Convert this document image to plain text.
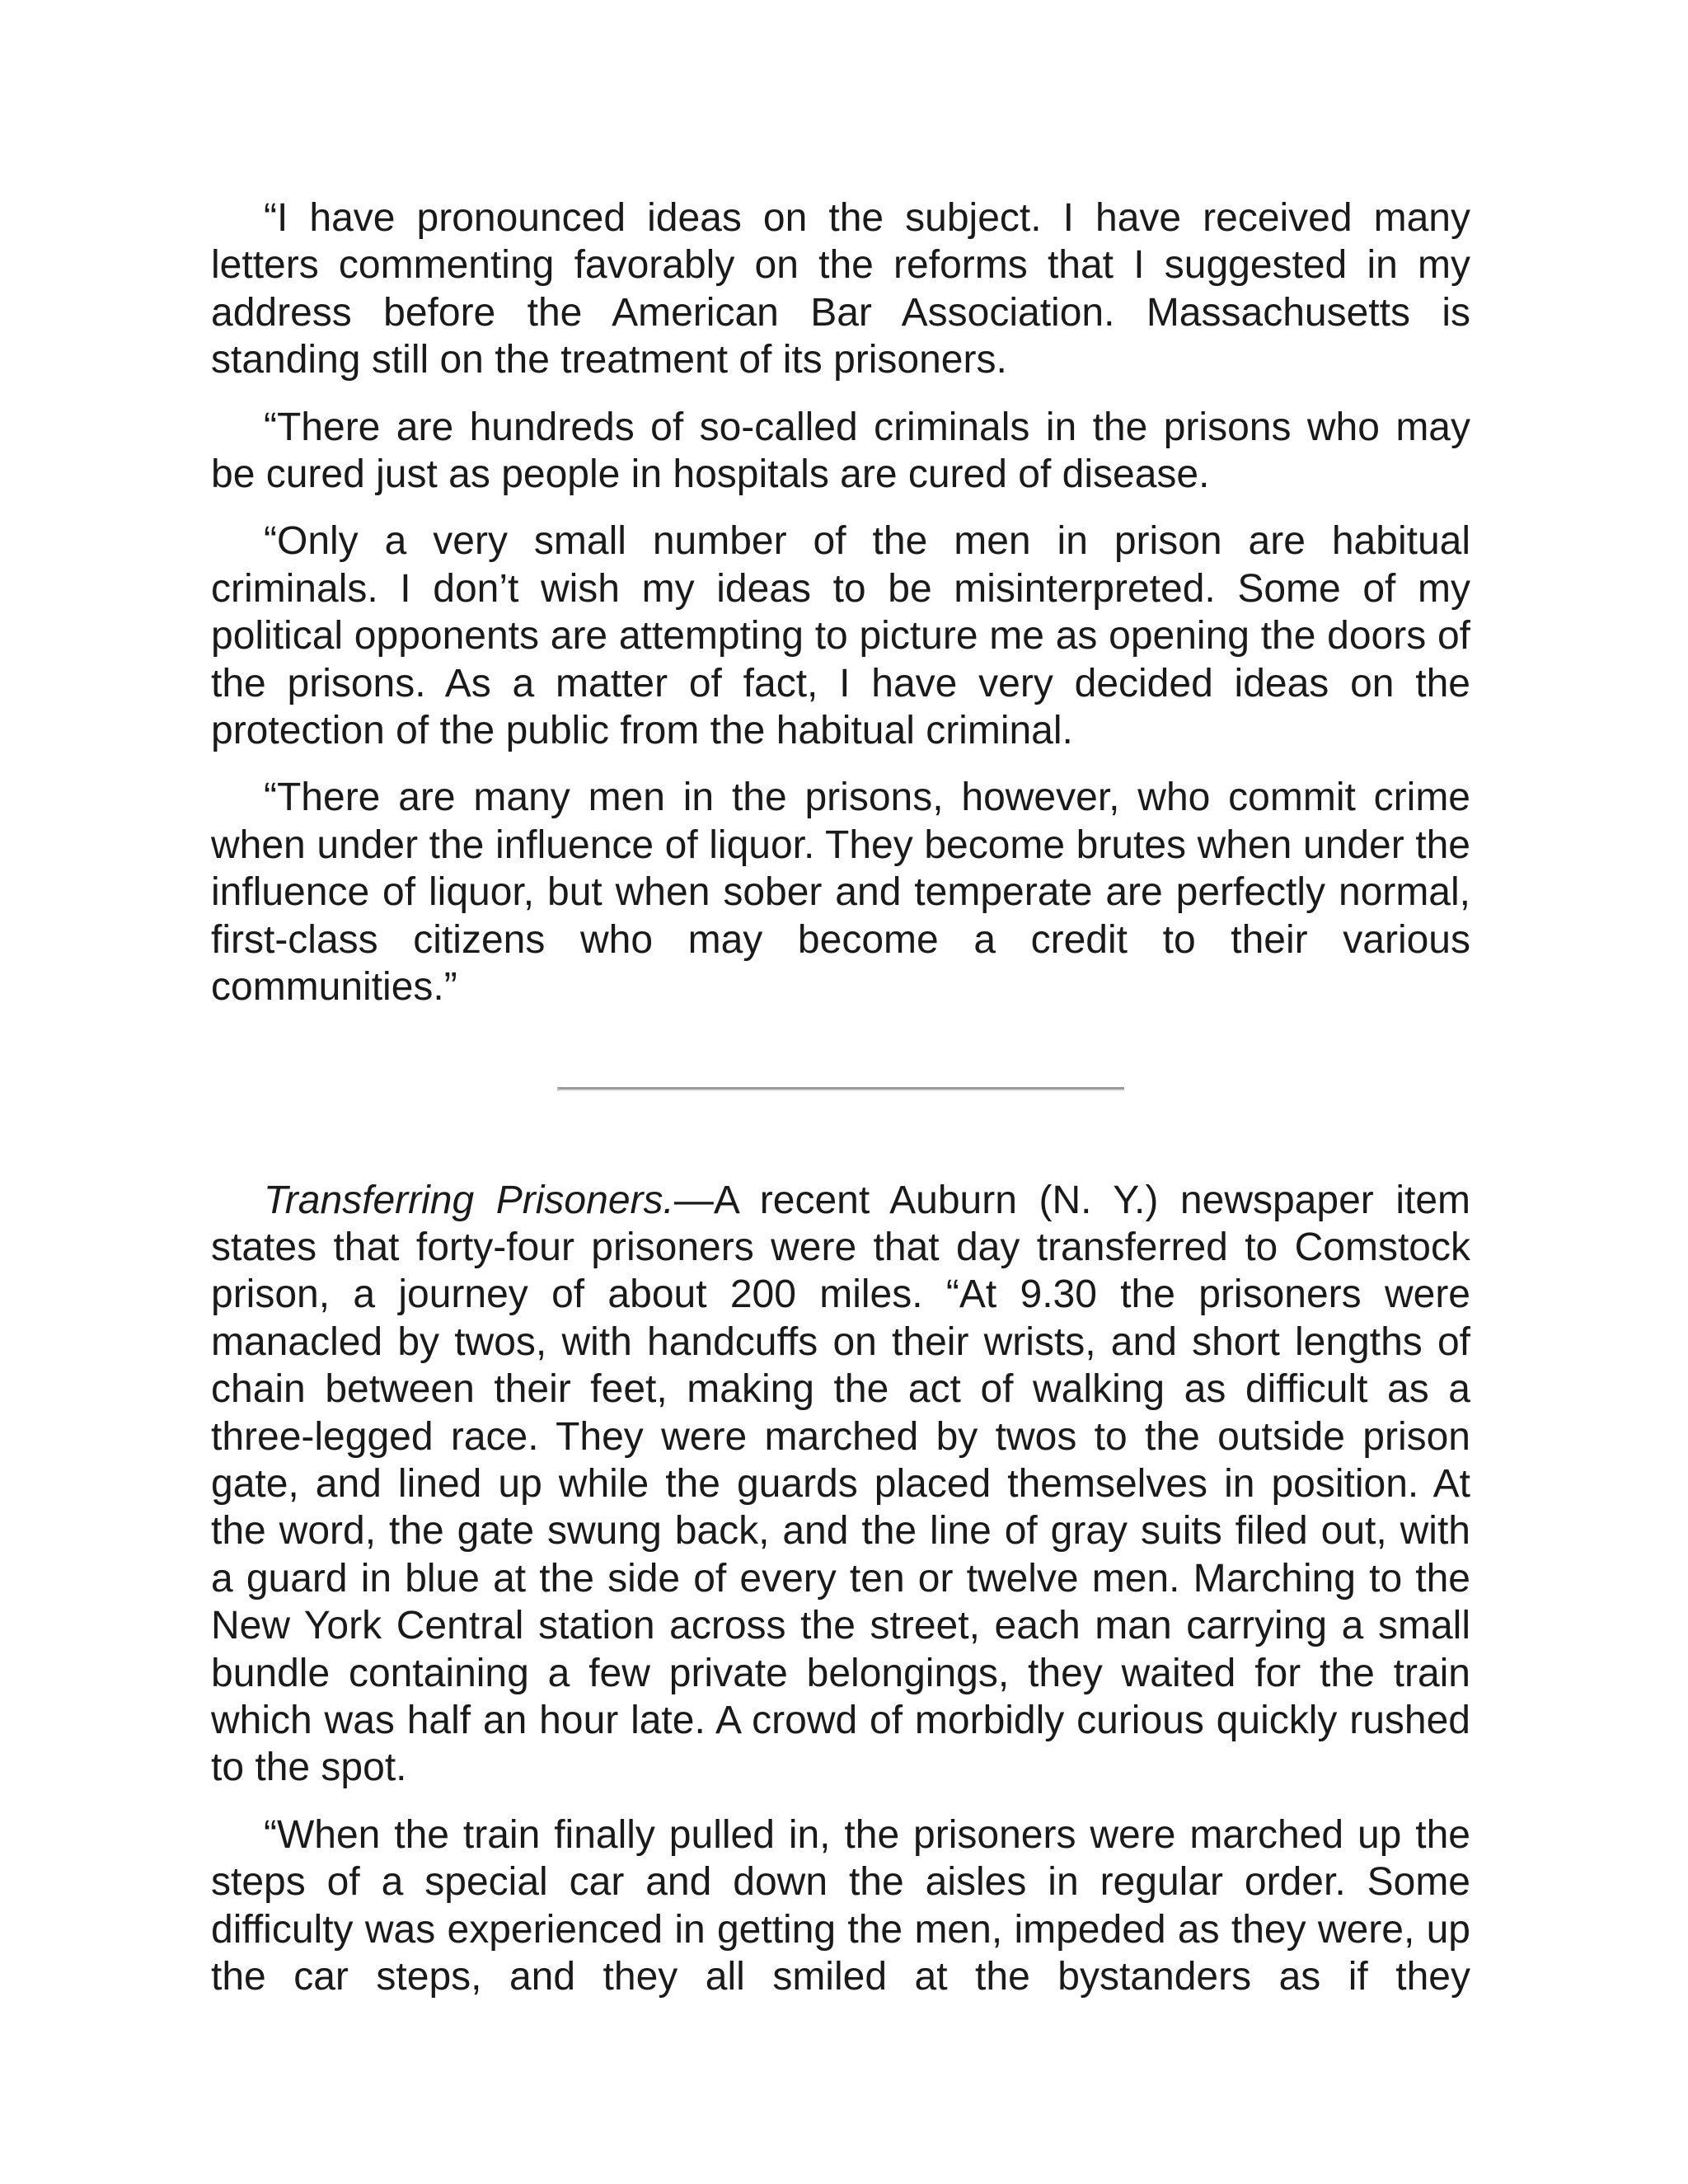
“I have pronounced ideas on the subject. I have received many letters commenting favorably on the reforms that I suggested in my address before the American Bar Association. Massachusetts is standing still on the treatment of its prisoners.

“There are hundreds of so-called criminals in the prisons who may be cured just as people in hospitals are cured of disease.

“Only a very small number of the men in prison are habitual criminals. I don’t wish my ideas to be misinterpreted. Some of my political opponents are attempting to picture me as opening the doors of the prisons. As a matter of fact, I have very decided ideas on the protection of the public from the habitual criminal.

“There are many men in the prisons, however, who commit crime when under the influence of liquor. They become brutes when under the influence of liquor, but when sober and temperate are perfectly normal, first-class citizens who may become a credit to their various communities.”

Transferring Prisoners.—A recent Auburn (N. Y.) newspaper item states that forty-four prisoners were that day transferred to Comstock prison, a journey of about 200 miles. “At 9.30 the prisoners were manacled by twos, with handcuffs on their wrists, and short lengths of chain between their feet, making the act of walking as difficult as a three-legged race. They were marched by twos to the outside prison gate, and lined up while the guards placed themselves in position. At the word, the gate swung back, and the line of gray suits filed out, with a guard in blue at the side of every ten or twelve men. Marching to the New York Central station across the street, each man carrying a small bundle containing a few private belongings, they waited for the train which was half an hour late. A crowd of morbidly curious quickly rushed to the spot.

“When the train finally pulled in, the prisoners were marched up the steps of a special car and down the aisles in regular order. Some difficulty was experienced in getting the men, impeded as they were, up the car steps, and they all smiled at the bystanders as if they
